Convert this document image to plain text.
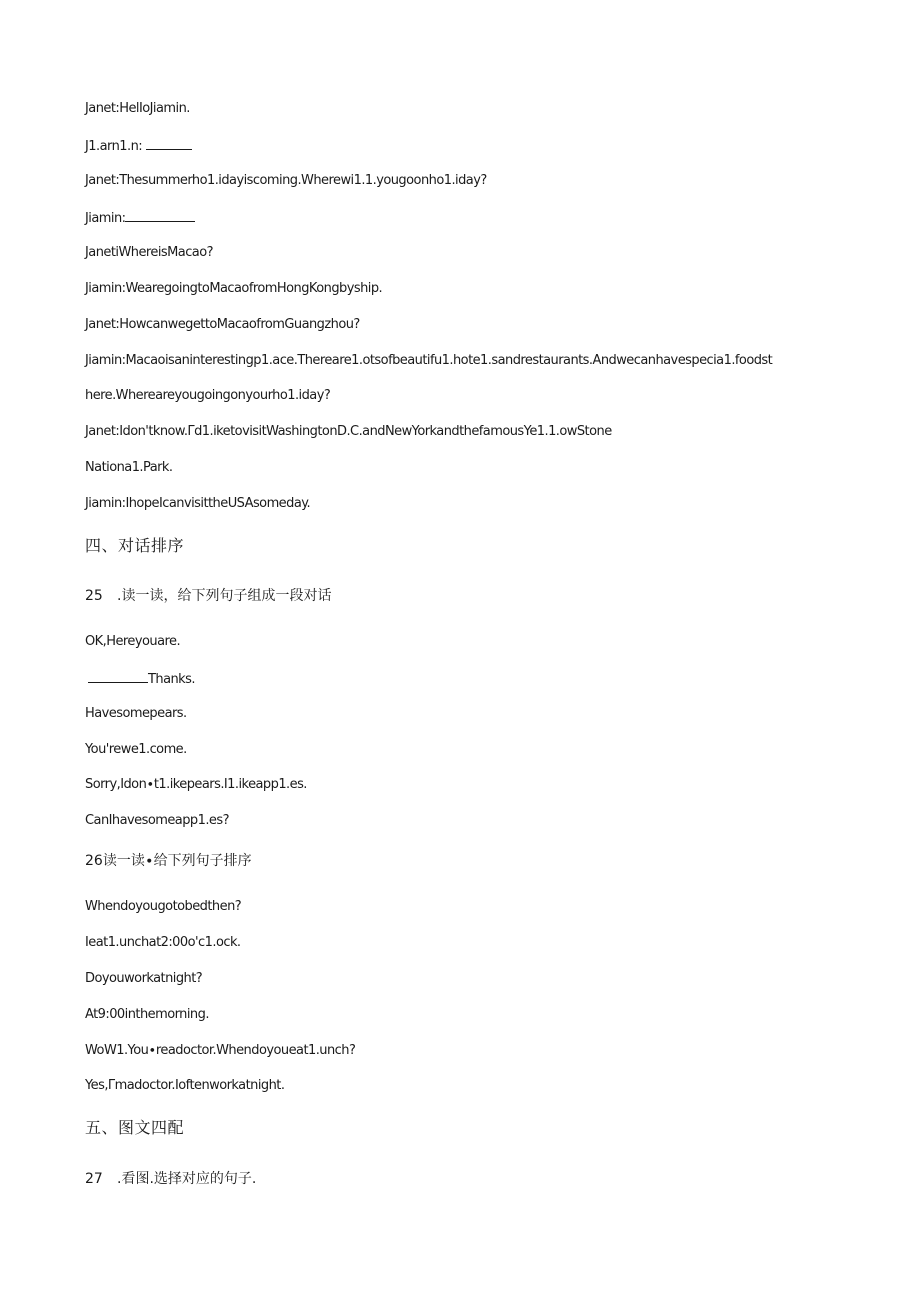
Janet:HelIoJiamin.
J1.arn1.n:
Janet:Thesummerho1.idayiscoming.Wherewi1.1.yougoonho1.iday?
Jiamin:
JanetiWhereisMacao?
Jiamin:WearegoingtoMacaofromHongKongbyship.
Janet:HowcanwegettoMacaofromGuangzhou?
Jiamin:Macaoisaninterestingp1.ace.Thereare1.otsofbeautifu1.hote1.sandrestaurants.Andwecanhavespecia1.foodst
here.Whereareyougoingonyourho1.iday?
Janet:Idon'tknow.Γd1.iketovisitWashingtonD.C.andNewYorkandthefamousYe1.1.owStone
Nationa1.Park.
Jiamin:IhopeIcanvisittheUSAsomeday.
四、对话排序
25 .读一读，给下列句子组成一段对话
OK,Hereyouare.
Thanks.
Havesomepears.
You'rewe1.come.
Sorry,Idon∙t1.ikepears.I1.ikeapp1.es.
CanIhavesomeapp1.es?
26读一读∙给下列句子排序
Whendoyougotobedthen?
Ieat1.unchat2:00o'c1.ock.
Doyouworkatnight?
At9:00inthemorning.
WoW1.You∙readoctor.Whendoyoueat1.unch?
Yes,Γmadoctor.Ioftenworkatnight.
五、图文四配
27 .看图.选择对应的句子.
